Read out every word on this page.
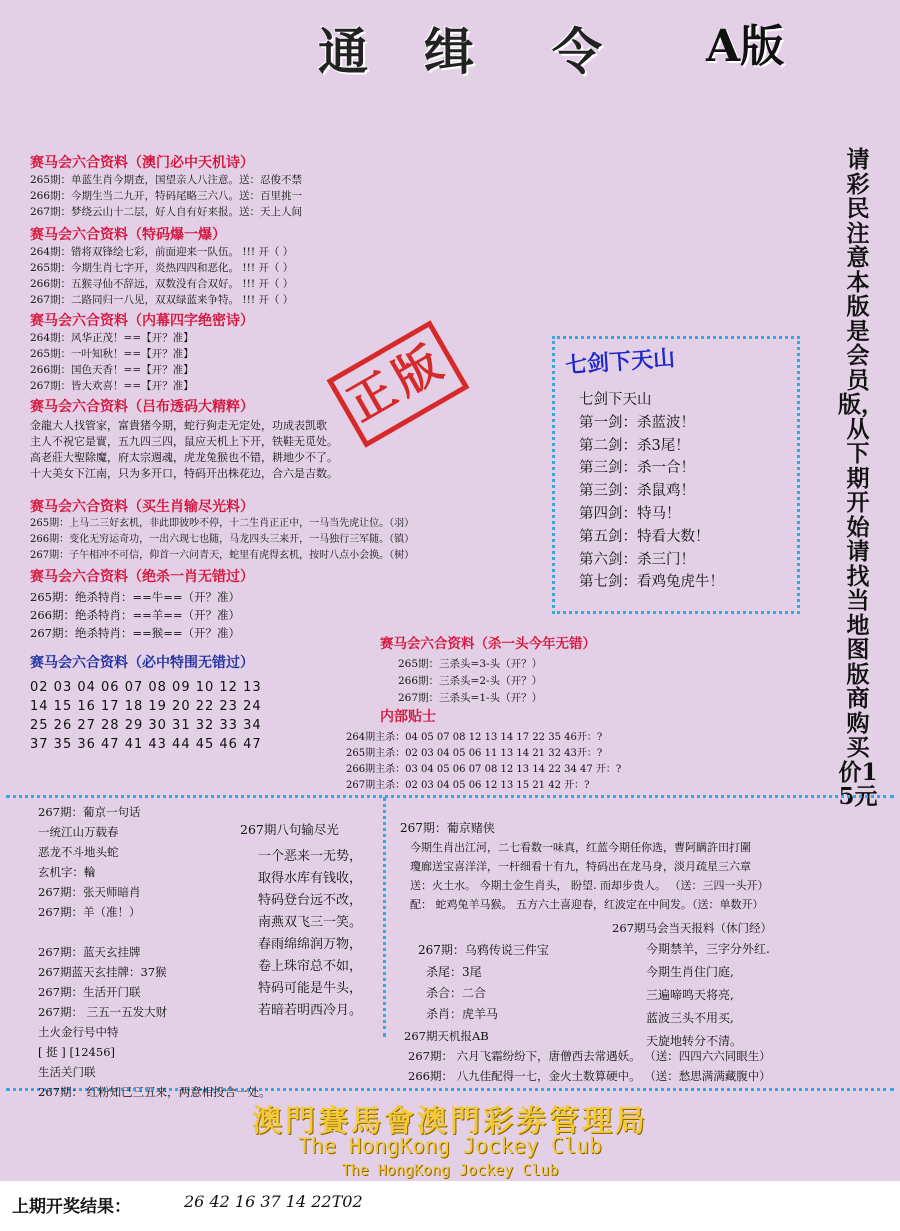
通 缉 令 A版
赛马会六合资料（澳门必中天机诗）
265期：单蓝生肖今期查，国望亲人八注意。送：忍俊不禁
266期：今期生当二九开，特码尾略三六八。送：百里挑一
267期：梦绕云山十二层，好人自有好来报。送：天上人间
赛马会六合资料（特码爆一爆）
264期：错将双锋绘七彩，前面迎来一队伍。 !!! 开（ ）
265期：今期生肖七字开，炎热四四和恶化。 !!! 开（ ）
266期：五猴寻仙不辞远，双数没有合双好。 !!! 开（ ）
267期：二路同归一八见，双双绿蓝来争特。 !!! 开（ ）
赛马会六合资料（内幕四字绝密诗）
264期：风华正茂！==【开？准】
265期：一叶知秋！==【开？准】
266期：国色天香！==【开？准】
267期：皆大欢喜！==【开？准】
赛马会六合资料（吕布透码大精粹）
金龍大人找管家，富貴猪今期，蛇行狗走无定处，功成表凯歌
主人不祝它是實，五九四三四，鼠应天机上下开，铁鞋无觅处。
高老莊大聖除魔，府太宗週魂，虎龙兔猴也不错，耕地少不了。
十大美女下江南，只为多开口，特码开出株花边，合六是吉数。
正版
赛马会六合资料（买生肖输尽光料）
265期：上马二三好玄机，非此即彼吵不停，十二生肖正正中，一马当先虎让位。（羽）
266期：变化无穷运奇功，一出六现七也随，马龙四头三来开，一马独行三军随。（镇）
267期：子午相冲不可信，仰首一六问青天，蛇里有虎得玄机，按时八点小会换。（树）
赛马会六合资料（绝杀一肖无错过）
265期：绝杀特肖：==牛==（开？准）
266期：绝杀特肖：==羊==（开？准）
267期：绝杀特肖：==猴==（开？准）
赛马会六合资料（必中特围无错过）
02 03 04 06 07 08 09 10 12 13
14 15 16 17 18 19 20 22 23 24
25 26 27 28 29 30 31 32 33 34
37 35 36 47 41 43 44 45 46 47
七剑下天山
七剑下天山
第一剑：杀蓝波！
第二剑：杀3尾！
第三剑：杀一合！
第三剑：杀鼠鸡！
第四剑：特马！
第五剑：特看大数！
第六剑：杀三门！
第七剑：看鸡兔虎牛！
请彩民注意本版是会员版，从下期开始请找当地图版商购买价15元
赛马会六合资料（杀一头今年无错）
265期：三杀头=3-头（开？）
266期：三杀头=2-头（开？）
267期：三杀头=1-头（开？）
内部贴士
264期主杀：04 05 07 08 12 13 14 17 22 35 46开：?
265期主杀：02 03 04 05 06 11 13 14 21 32 43开：?
266期主杀：03 04 05 06 07 08 12 13 14 22 34 47 开：?
267期主杀：02 03 04 05 06 12 13 15 21 42 开：?
267期：葡京一句话
一统江山万载春
恶龙不斗地头蛇
玄机字：輪
267期：张天师暗肖
267期：羊（准！）
267期：蓝天玄挂牌
267期蓝天玄挂牌：37猴
267期：生活开门联
267期： 三五一五发大财
土火金行号中特
[ 挺 ] [12456]
生活关门联
267期： 红粉知己三五来，两意相投合一处。
267期八句输尽光
一个恶来一无势，
取得水库有钱收，
特码登台远不改，
南燕双飞三一笑。
春雨绵绵润万物，
卷上珠帘总不如，
特码可能是牛头，
若暗若明西冷月。
267期：葡京赌侠
今期生肖出江河，二七看数一味真，红蓝今期任你选，曹阿瞒許田打圍
瓊廊送宝喜洋洋，一杆细看十有九，特码出在龙马身，淡月疏星三六章
送：火土水。 今期土金生肖头， 盼望. 而却步贵人。 （送：三四一头开）
配： 蛇鸡兔羊马猴。 五方六土喜迎春，红波定在中间发。（送：单数开）
267期马会当天报料（休门经）
267期：乌鸦传说三件宝
杀尾：3尾
杀合：二合
杀肖：虎羊马
今期禁羊，三字分外红.
今期生肖住门庭,
三遍啼鸣天将亮,
蓝波三头不用买,
天旋地转分不清。
267期天机报AB
267期： 六月飞霜纷纷下，唐僧西去常遇妖。 （送：四四六六同眼生）
266期： 八九佳配得一七，金火土数算硬中。 （送：愁思满满藏腹中）
澳門賽馬會澳門彩劵管理局
The HongKong Jockey Club
The HongKong Jockey Club
上期开奖结果：	26 42 16 37 14 22T02
